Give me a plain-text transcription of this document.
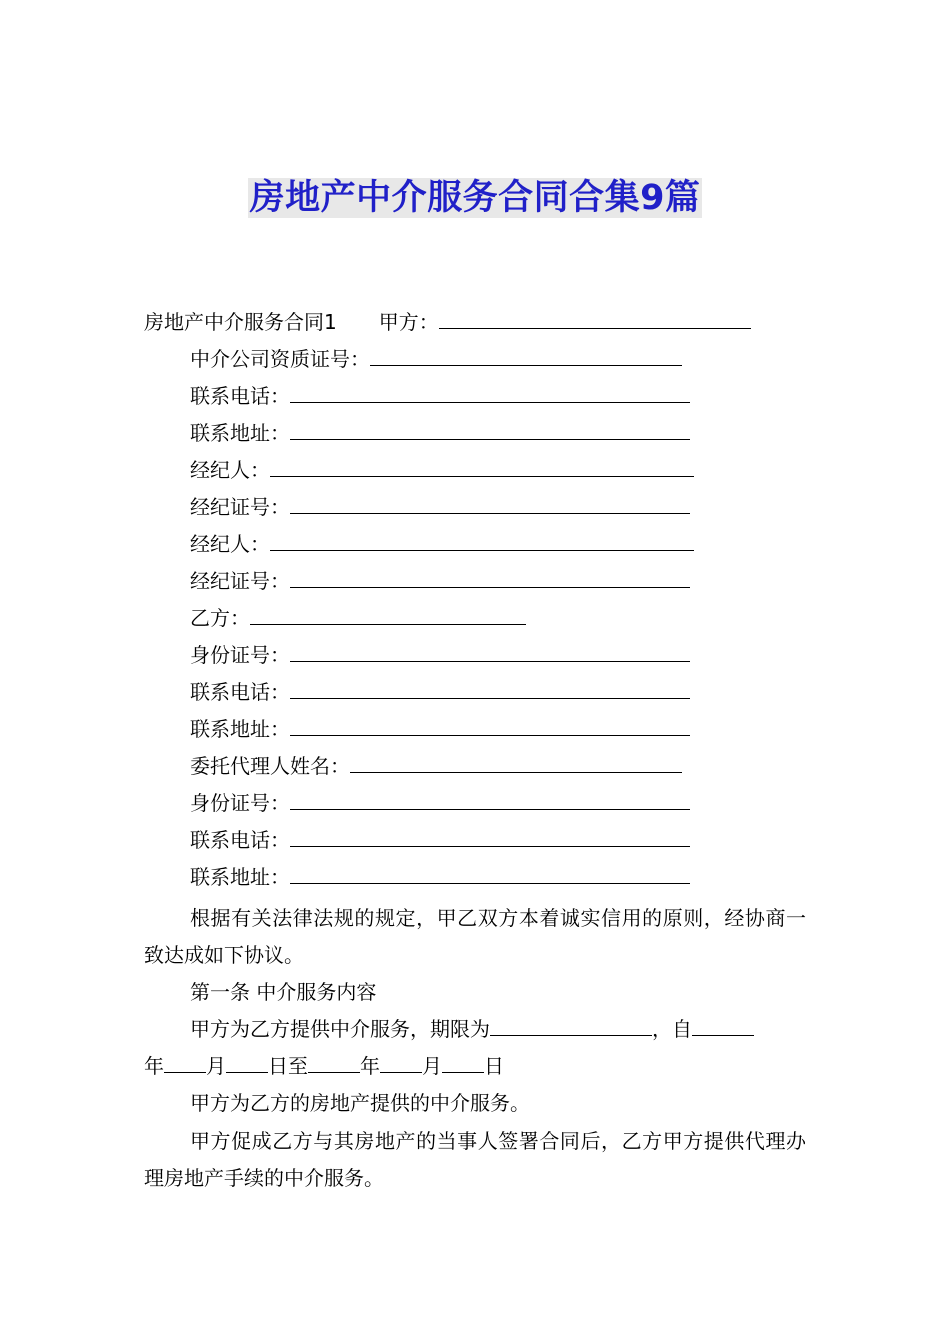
房地产中介服务合同合集9篇
房地产中介服务合同1 甲方：
中介公司资质证号：
联系电话：
联系地址：
经纪人：
经纪证号：
经纪人：
经纪证号：
乙方：
身份证号：
联系电话：
联系地址：
委托代理人姓名：
身份证号：
联系电话：
联系地址：
根据有关法律法规的规定，甲乙双方本着诚实信用的原则，经协商一致达成如下协议。
第一条 中介服务内容
甲方为乙方提供中介服务，期限为	，自
年 月 日至	年 月 日
甲方为乙方的房地产提供的中介服务。
甲方促成乙方与其房地产的当事人签署合同后，乙方甲方提供代理办理房地产手续的中介服务。
